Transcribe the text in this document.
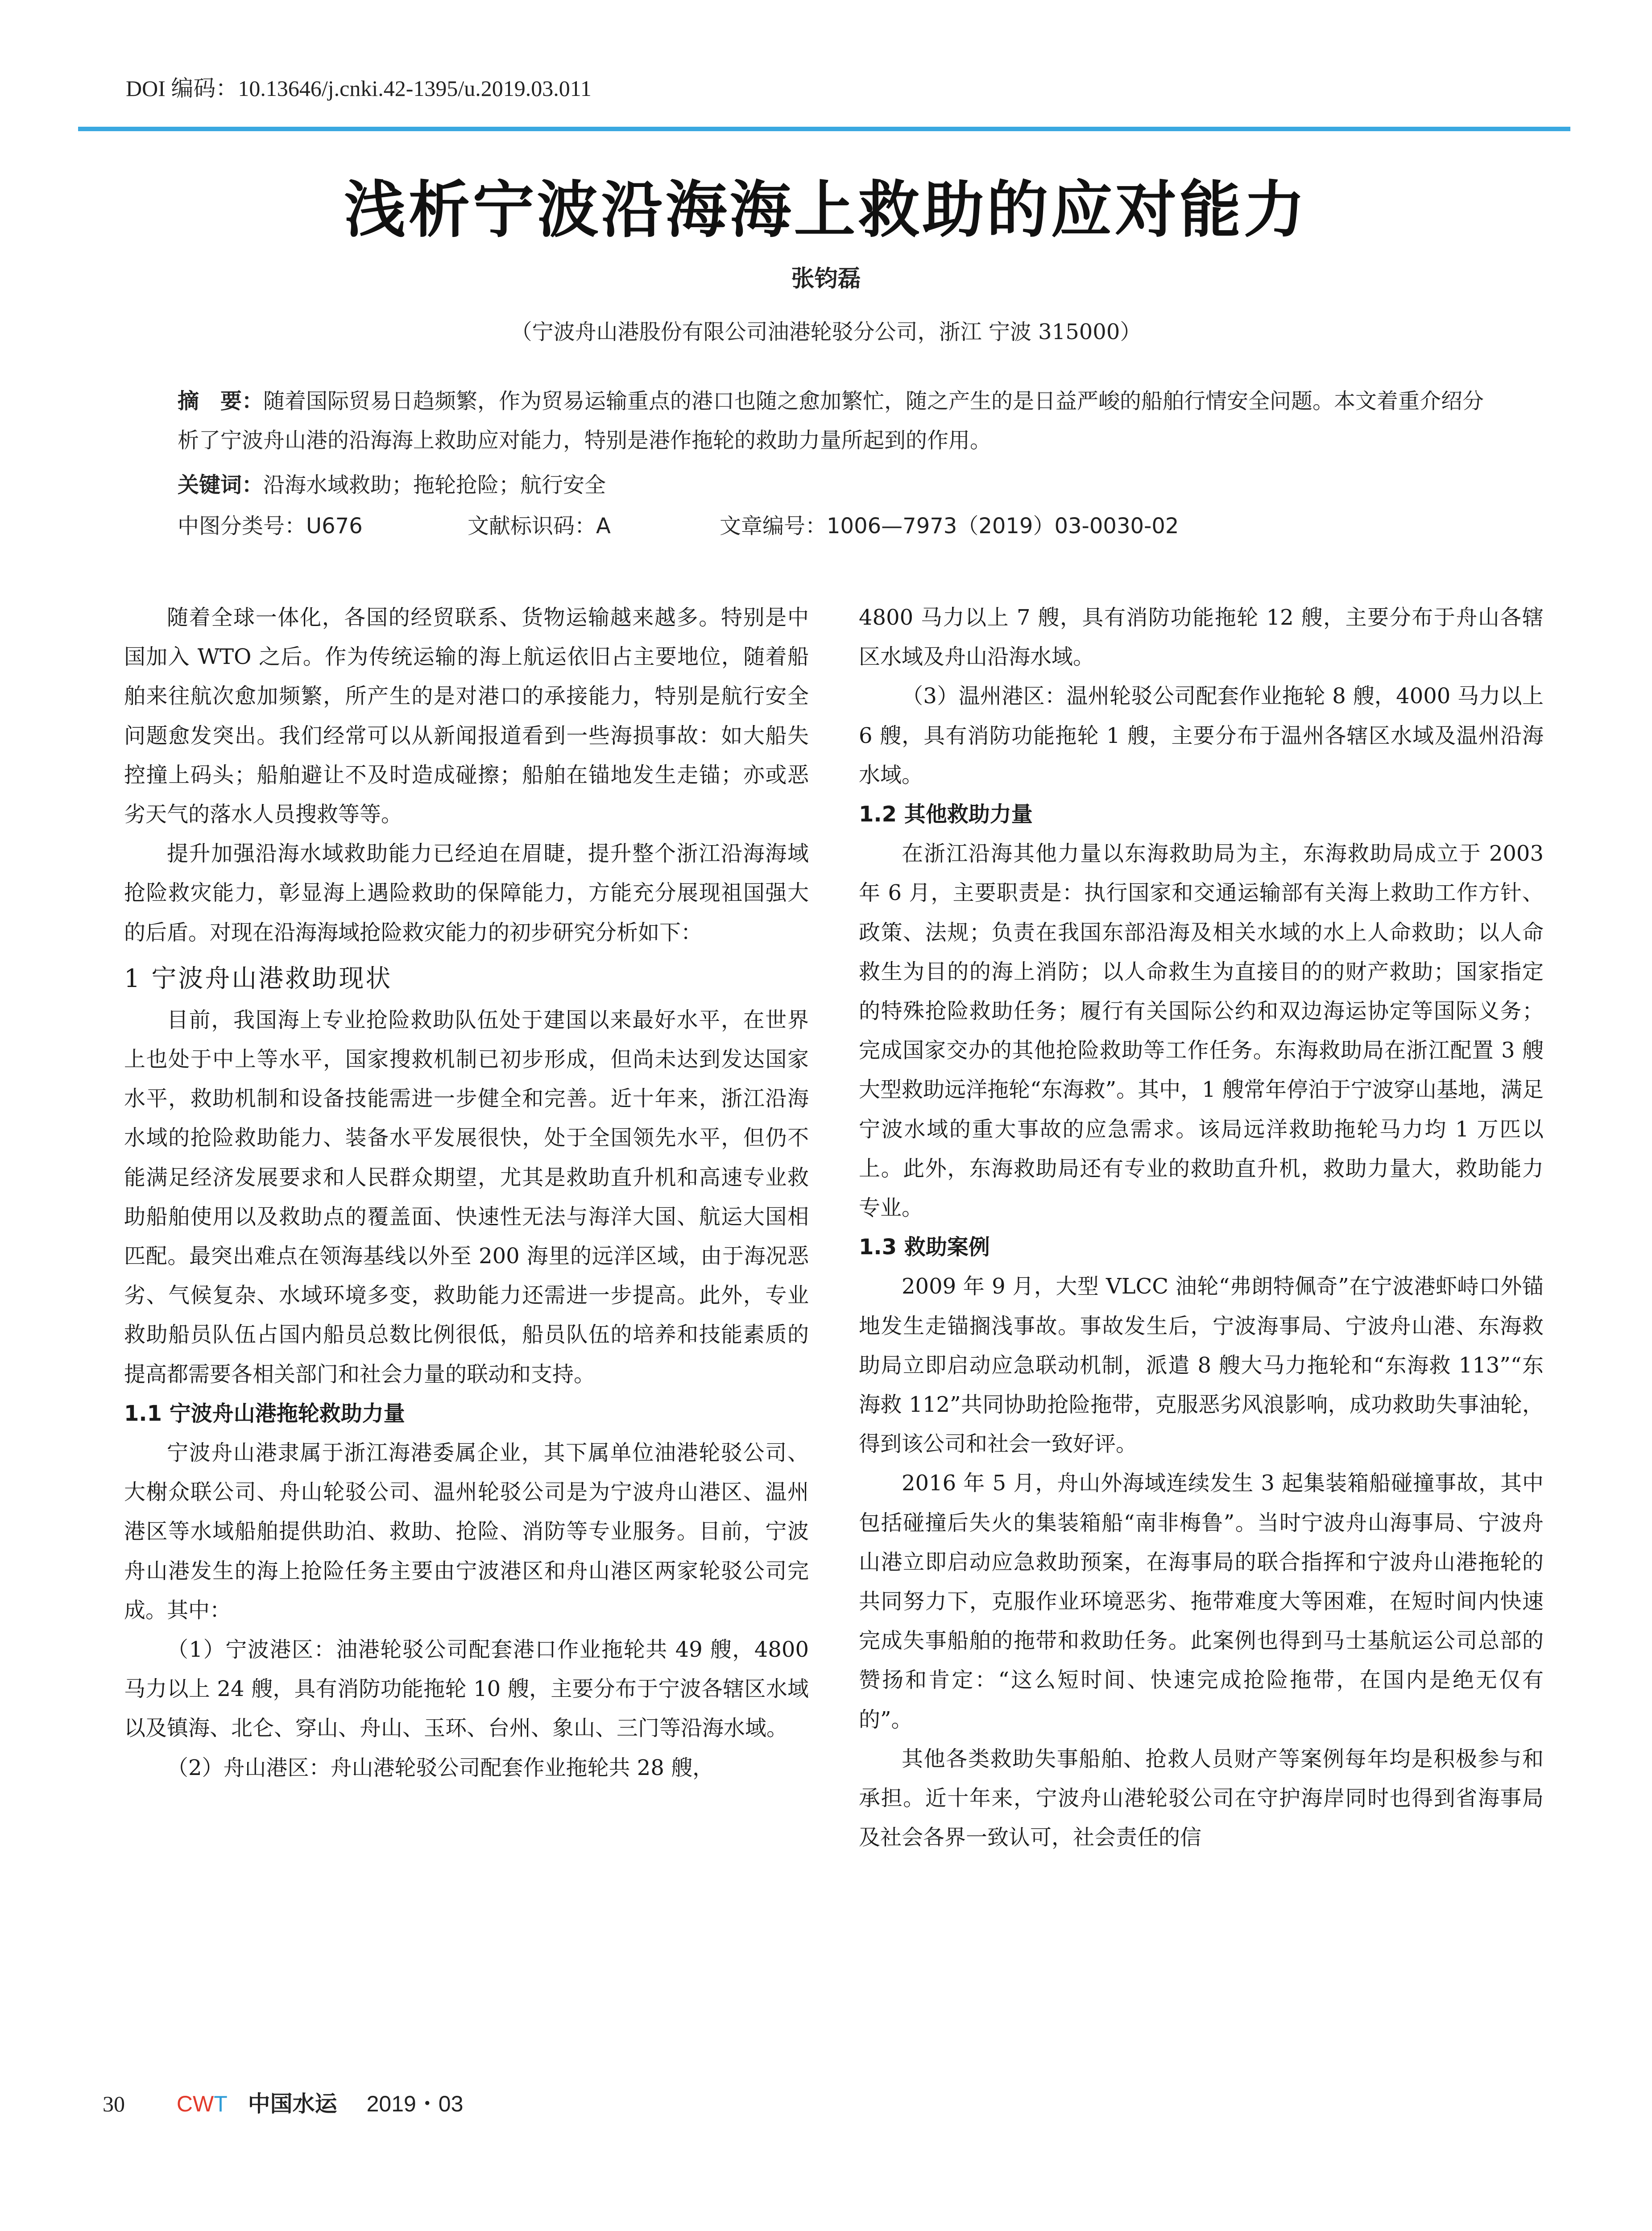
DOI 编码：10.13646/j.cnki.42-1395/u.2019.03.011
浅析宁波沿海海上救助的应对能力
张钧磊
（宁波舟山港股份有限公司油港轮驳分公司，浙江 宁波 315000）
摘　要：随着国际贸易日趋频繁，作为贸易运输重点的港口也随之愈加繁忙，随之产生的是日益严峻的船舶行情安全问题。本文着重介绍分析了宁波舟山港的沿海海上救助应对能力，特别是港作拖轮的救助力量所起到的作用。
关键词：沿海水域救助；拖轮抢险；航行安全
中图分类号：U676	文献标识码：A	文章编号：1006—7973（2019）03-0030-02

随着全球一体化，各国的经贸联系、货物运输越来越多。特别是中国加入 WTO 之后。作为传统运输的海上航运依旧占主要地位，随着船舶来往航次愈加频繁，所产生的是对港口的承接能力，特别是航行安全问题愈发突出。我们经常可以从新闻报道看到一些海损事故：如大船失控撞上码头；船舶避让不及时造成碰擦；船舶在锚地发生走锚；亦或恶劣天气的落水人员搜救等等。

提升加强沿海水域救助能力已经迫在眉睫，提升整个浙江沿海海域抢险救灾能力，彰显海上遇险救助的保障能力，方能充分展现祖国强大的后盾。对现在沿海海域抢险救灾能力的初步研究分析如下：

1 宁波舟山港救助现状

目前，我国海上专业抢险救助队伍处于建国以来最好水平，在世界上也处于中上等水平，国家搜救机制已初步形成，但尚未达到发达国家水平，救助机制和设备技能需进一步健全和完善。近十年来，浙江沿海水域的抢险救助能力、装备水平发展很快，处于全国领先水平，但仍不能满足经济发展要求和人民群众期望，尤其是救助直升机和高速专业救助船舶使用以及救助点的覆盖面、快速性无法与海洋大国、航运大国相匹配。最突出难点在领海基线以外至 200 海里的远洋区域，由于海况恶劣、气候复杂、水域环境多变，救助能力还需进一步提高。此外，专业救助船员队伍占国内船员总数比例很低，船员队伍的培养和技能素质的提高都需要各相关部门和社会力量的联动和支持。

1.1 宁波舟山港拖轮救助力量

宁波舟山港隶属于浙江海港委属企业，其下属单位油港轮驳公司、大榭众联公司、舟山轮驳公司、温州轮驳公司是为宁波舟山港区、温州港区等水域船舶提供助泊、救助、抢险、消防等专业服务。目前，宁波舟山港发生的海上抢险任务主要由宁波港区和舟山港区两家轮驳公司完成。其中：

（1）宁波港区：油港轮驳公司配套港口作业拖轮共 49 艘，4800 马力以上 24 艘，具有消防功能拖轮 10 艘，主要分布于宁波各辖区水域以及镇海、北仑、穿山、舟山、玉环、台州、象山、三门等沿海水域。

（2）舟山港区：舟山港轮驳公司配套作业拖轮共 28 艘，

4800 马力以上 7 艘，具有消防功能拖轮 12 艘，主要分布于舟山各辖区水域及舟山沿海水域。

（3）温州港区：温州轮驳公司配套作业拖轮 8 艘，4000 马力以上 6 艘，具有消防功能拖轮 1 艘，主要分布于温州各辖区水域及温州沿海水域。

1.2 其他救助力量

在浙江沿海其他力量以东海救助局为主，东海救助局成立于 2003 年 6 月，主要职责是：执行国家和交通运输部有关海上救助工作方针、政策、法规；负责在我国东部沿海及相关水域的水上人命救助；以人命救生为目的的海上消防；以人命救生为直接目的的财产救助；国家指定的特殊抢险救助任务；履行有关国际公约和双边海运协定等国际义务；完成国家交办的其他抢险救助等工作任务。东海救助局在浙江配置 3 艘大型救助远洋拖轮“东海救”。其中，1 艘常年停泊于宁波穿山基地，满足宁波水域的重大事故的应急需求。该局远洋救助拖轮马力均 1 万匹以上。此外，东海救助局还有专业的救助直升机，救助力量大，救助能力专业。

1.3 救助案例

2009 年 9 月，大型 VLCC 油轮“弗朗特佩奇”在宁波港虾峙口外锚地发生走锚搁浅事故。事故发生后，宁波海事局、宁波舟山港、东海救助局立即启动应急联动机制，派遣 8 艘大马力拖轮和“东海救 113”“东海救 112”共同协助抢险拖带，克服恶劣风浪影响，成功救助失事油轮，得到该公司和社会一致好评。

2016 年 5 月，舟山外海域连续发生 3 起集装箱船碰撞事故，其中包括碰撞后失火的集装箱船“南非梅鲁”。当时宁波舟山海事局、宁波舟山港立即启动应急救助预案，在海事局的联合指挥和宁波舟山港拖轮的共同努力下，克服作业环境恶劣、拖带难度大等困难，在短时间内快速完成失事船舶的拖带和救助任务。此案例也得到马士基航运公司总部的赞扬和肯定：“这么短时间、快速完成抢险拖带，在国内是绝无仅有的”。

其他各类救助失事船舶、抢救人员财产等案例每年均是积极参与和承担。近十年来，宁波舟山港轮驳公司在守护海岸同时也得到省海事局及社会各界一致认可，社会责任的信

30 CWT 中国水运 2019・03
